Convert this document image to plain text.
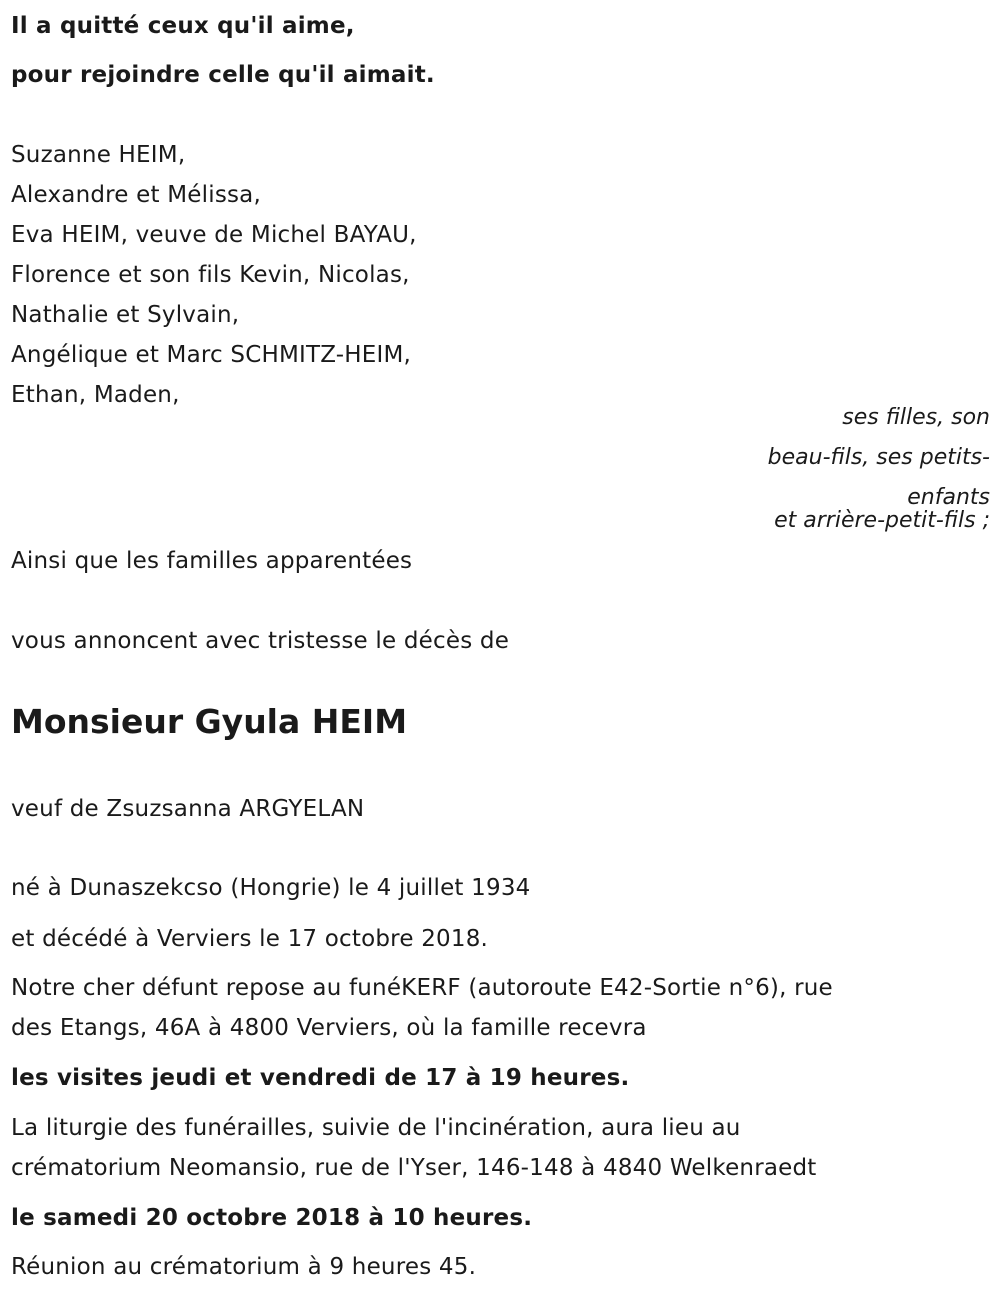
Il a quitté ceux qu'il aime,
pour rejoindre celle qu'il aimait.
Suzanne HEIM,
Alexandre et Mélissa,
Eva HEIM, veuve de Michel BAYAU,
Florence et son fils Kevin, Nicolas,
Nathalie et Sylvain,
Angélique et Marc SCHMITZ-HEIM,
Ethan, Maden,
ses filles, son
beau-fils, ses petits-
enfants
et arrière-petit-fils ;
Ainsi que les familles apparentées
vous annoncent avec tristesse le décès de
Monsieur Gyula HEIM
veuf de Zsuzsanna ARGYELAN
né à Dunaszekcso (Hongrie) le 4 juillet 1934
et décédé à Verviers le 17 octobre 2018.
Notre cher défunt repose au funéKERF (autoroute E42-Sortie n°6), rue
des Etangs, 46A à 4800 Verviers, où la famille recevra
les visites jeudi et vendredi de 17 à 19 heures.
La liturgie des funérailles, suivie de l'incinération, aura lieu au
crématorium Neomansio, rue de l'Yser, 146-148 à 4840 Welkenraedt
le samedi 20 octobre 2018 à 10 heures.
Réunion au crématorium à 9 heures 45.
